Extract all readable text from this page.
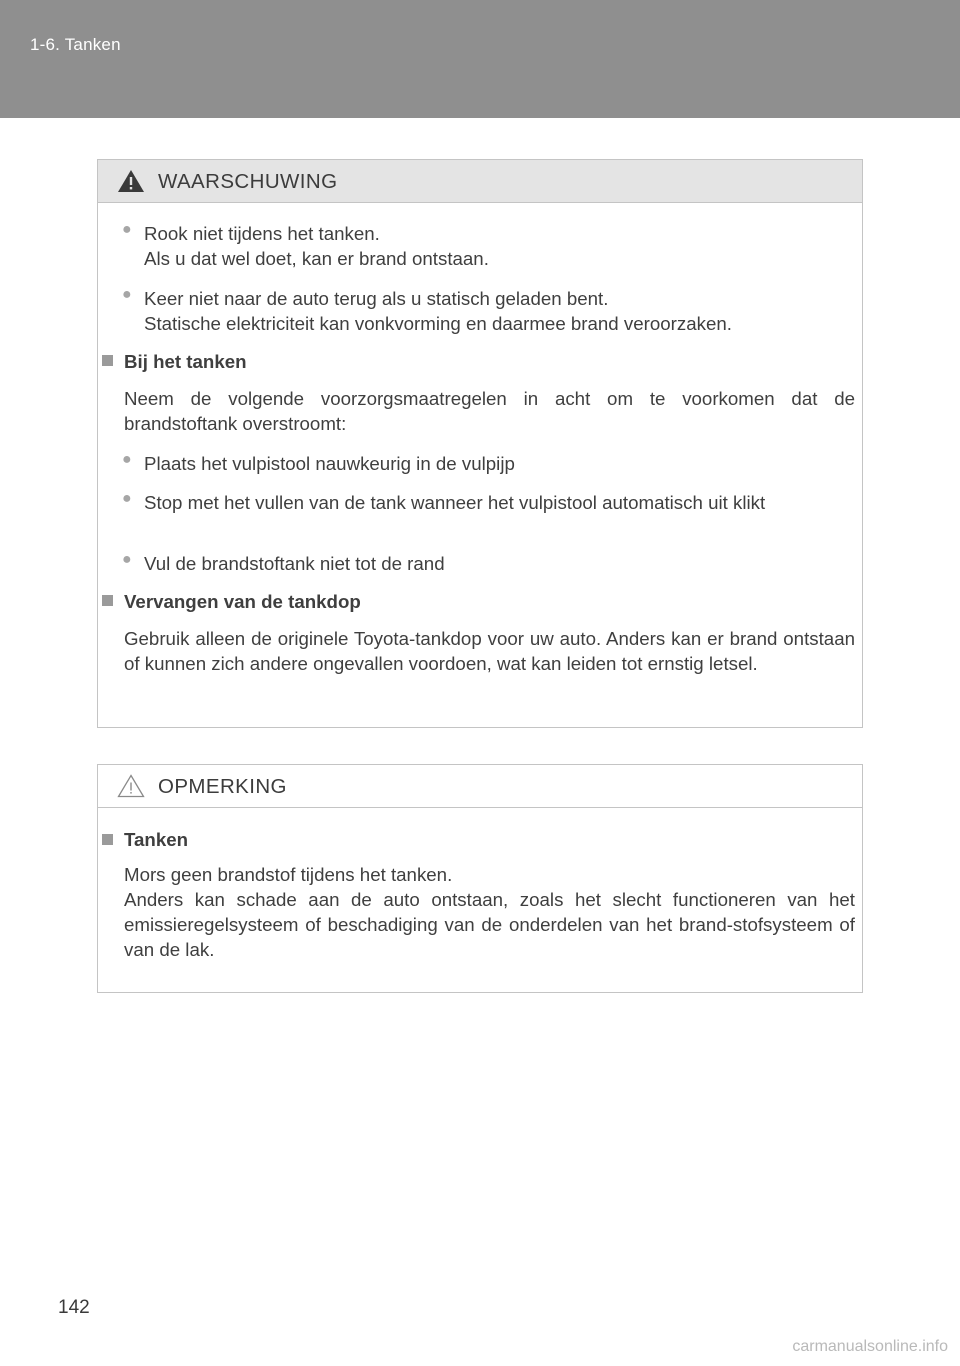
1-6. Tanken
WAARSCHUWING
● Rook niet tijdens het tanken.
Als u dat wel doet, kan er brand ontstaan.
● Keer niet naar de auto terug als u statisch geladen bent.
Statische elektriciteit kan vonkvorming en daarmee brand veroorzaken.
Bij het tanken
Neem de volgende voorzorgsmaatregelen in acht om te voorkomen dat de brandstoftank overstroomt:
● Plaats het vulpistool nauwkeurig in de vulpijp
● Stop met het vullen van de tank wanneer het vulpistool automatisch uit klikt
● Vul de brandstoftank niet tot de rand
Vervangen van de tankdop
Gebruik alleen de originele Toyota-tankdop voor uw auto. Anders kan er brand ontstaan of kunnen zich andere ongevallen voordoen, wat kan leiden tot ernstig letsel.
OPMERKING
Tanken
Mors geen brandstof tijdens het tanken.
Anders kan schade aan de auto ontstaan, zoals het slecht functioneren van het emissieregelsysteem of beschadiging van de onderdelen van het brand-stofsysteem of van de lak.
142
carmanualsonline.info
